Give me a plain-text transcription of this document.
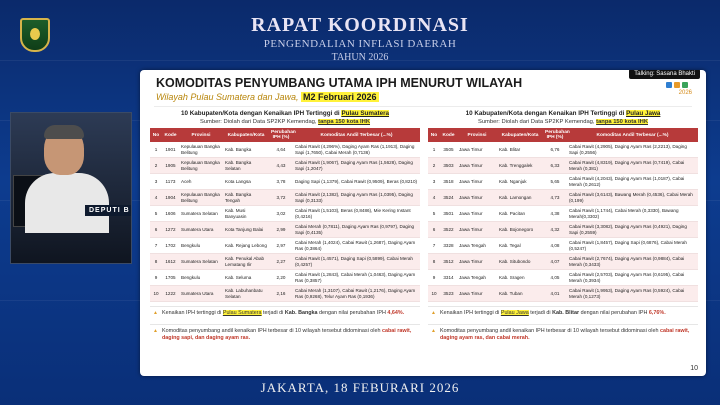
RAPAT KOORDINASI
PENGENDALIAN INFLASI DAERAH
TAHUN 2026
DEPUTI B
KOMODITAS PENYUMBANG UTAMA IPH MENURUT WILAYAH
Wilayah Pulau Sumatera dan Jawa, M2 Februari 2026	2026
Talking: Sasana Bhakti
10 Kabupaten/Kota dengan Kenaikan IPH Tertinggi di Pulau Sumatera
Sumber: Diolah dari Data SP2KP Kemendag, tanpa 150 kota IHK
No	Kode	Provinsi	Kabupaten/Kota	Perubahan IPH (%)	Komoditas Andil Terbesar (...%)
1	1901	Kepulauan Bangka Belitung	Kab. Bangka	4,64	Cabai Rawit (4,296%), Daging Ayam Ras (1,1913), Daging Sapi (1,7650), Cabai Merah (0,7136)
2	1905	Kepulauan Bangka Belitung	Kab. Bangka Selatan	4,43	Cabai Rawit (1,9067), Daging Ayam Ras (1,5628), Daging Sapi (1,2047)
3	1173	Aceh	Kota Langsa	3,78	Daging Sapi (1,1379), Cabai Rawit (0,9509), Beras (0,8210)
4	1904	Kepulauan Bangka Belitung	Kab. Bangka Tengah	3,72	Cabai Rawit (2,1382), Daging Ayam Ras (1,0395), Daging Sapi (0,3133)
5	1606	Sumatera Selatan	Kab. Musi Banyuasin	3,02	Cabai Rawit (1,5103), Beras (0,8486), Mie Kering Instant (0,4216)
6	1272	Sumatera Utara	Kota Tanjung Balai	2,99	Cabai Merah (0,7811), Daging Ayam Ras (0,9797), Daging Sapi (0,4135)
7	1702	Bengkulu	Kab. Rejang Lebong	2,97	Cabai Merah (1,4024), Cabai Rawit (1,2687), Daging Ayam Ras (0,3864)
8	1612	Sumatera Selatan	Kab. Penukal Abab Lematang Ilir	2,27	Cabai Rawit (1,4571), Daging Sapi (0,5899), Cabai Merah (0,4257)
9	1705	Bengkulu	Kab. Seluma	2,20	Cabai Rawit (1,2843), Cabai Merah (1,0463), Daging Ayam Ras (0,3857)
10	1222	Sumatera Utara	Kab. Labuhanbatu Selatan	2,16	Cabai Merah (1,3107), Cabai Rawit (1,2176), Daging Ayam Ras (0,9268), Telur Ayam Ras (0,1936)
▲ Kenaikan IPH tertinggi di Pulau Sumatera terjadi di Kab. Bangka dengan nilai perubahan IPH 4,64%.
▲ Komoditas penyumbang andil kenaikan IPH terbesar di 10 wilayah tersebut didominasi oleh cabai rawit, daging sapi, dan daging ayam ras.
10 Kabupaten/Kota dengan Kenaikan IPH Tertinggi di Pulau Jawa
Sumber: Diolah dari Data SP2KP Kemendag, tanpa 150 kota IHK
No	Kode	Provinsi	Kabupaten/Kota	Perubahan IPH (%)	Komoditas Andil Terbesar (...%)
1	3505	Jawa Timur	Kab. Blitar	6,76	Cabai Rawit (4,2905), Daging Ayam Ras (2,2213), Daging Sapi (0,2556)
2	3503	Jawa Timur	Kab. Trenggalek	6,33	Cabai Rawit (4,8319), Daging Ayam Ras (0,7419), Cabai Merah (0,381)
3	3518	Jawa Timur	Kab. Nganjuk	5,65	Cabai Rawit (4,2043), Daging Ayam Ras (1,0187), Cabai Merah (0,2612)
4	3524	Jawa Timur	Kab. Lamongan	4,73	Cabai Rawit (3,6143), Bawang Merah (0,4536), Cabai Merah (0,199)
5	3501	Jawa Timur	Kab. Pacitan	4,38	Cabai Rawit (1,1744), Cabai Merah (0,3330), Bawang Merah(0,3302)
6	3522	Jawa Timur	Kab. Bojonegoro	4,32	Cabai Rawit (3,3082), Daging Ayam Ras (0,4921), Daging Sapi (0,2559)
7	3328	Jawa Tengah	Kab. Tegal	4,08	Cabai Rawit (1,8457), Daging Sapi (0,6876), Cabai Merah (0,5247)
8	3512	Jawa Timur	Kab. Situbondo	4,07	Cabai Rawit (2,7674), Daging Ayam Ras (0,9884), Cabai Merah (0,3433)
9	3314	Jawa Tengah	Kab. Sragen	4,05	Cabai Rawit (2,5703), Daging Ayam Ras (0,6195), Cabai Merah (0,3934)
10	3523	Jawa Timur	Kab. Tuban	4,01	Cabai Rawit (1,9953), Daging Ayam Ras (0,5924), Cabai Merah (0,1273)
▲ Kenaikan IPH tertinggi di Pulau Jawa terjadi di Kab. Blitar dengan nilai perubahan IPH 6,76%.
▲ Komoditas penyumbang andil kenaikan IPH terbesar di 10 wilayah tersebut didominasi oleh cabai rawit, daging ayam ras, dan cabai merah.
10
JAKARTA, 18 FEBURARI 2026
